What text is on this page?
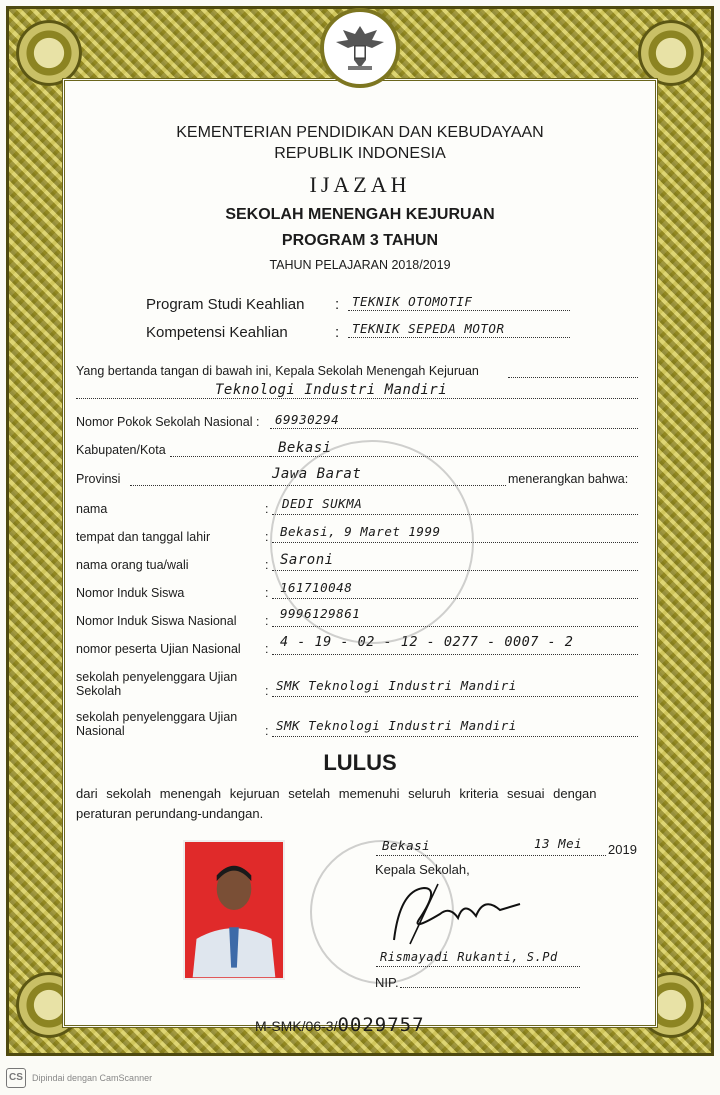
KEMENTERIAN PENDIDIKAN DAN KEBUDAYAAN
REPUBLIK INDONESIA
IJAZAH
SEKOLAH MENENGAH KEJURUAN
PROGRAM 3 TAHUN
TAHUN PELAJARAN 2018/2019
Program Studi Keahlian : TEKNIK OTOMOTIF
Kompetensi Keahlian	: TEKNIK SEPEDA MOTOR
Yang bertanda tangan di bawah ini, Kepala Sekolah Menengah Kejuruan
Teknologi Industri Mandiri
Nomor Pokok Sekolah Nasional : 69930294
Kabupaten/Kota	Bekasi
Provinsi	Jawa Barat	menerangkan bahwa:
nama	: DEDI SUKMA
tempat dan tanggal lahir	: Bekasi, 9 Maret 1999
nama orang tua/wali	: Saroni
Nomor Induk Siswa	: 161710048
Nomor Induk Siswa Nasional : 9996129861
nomor peserta Ujian Nasional : 4 - 19 - 02 - 12 - 0277 - 0007 - 2
sekolah penyelenggara Ujian
Sekolah	: SMK Teknologi Industri Mandiri
sekolah penyelenggara Ujian
Nasional	: SMK Teknologi Industri Mandiri
LULUS
dari sekolah menengah kejuruan setelah memenuhi seluruh kriteria sesuai dengan
peraturan perundang-undangan.
Bekasi	13 Mei 2019
Kepala Sekolah,
Rismayadi Rukanti, S.Pd
NIP.
M-SMK/06-3/0029757
CS	Dipindai dengan CamScanner
